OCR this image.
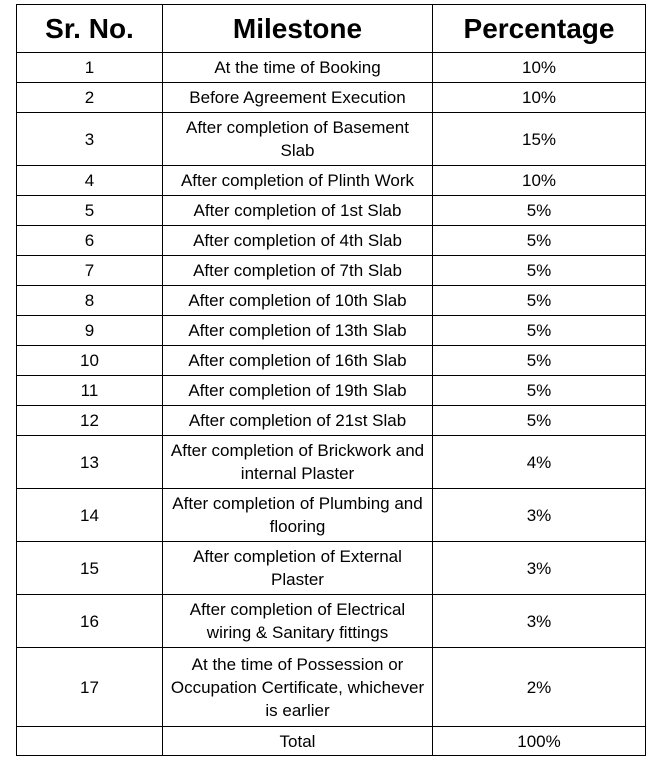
Sr. No.	Milestone	Percentage
1	At the time of Booking	10%
2	Before Agreement Execution	10%
3	After completion of Basement Slab	15%
4	After completion of Plinth Work	10%
5	After completion of 1st Slab	5%
6	After completion of 4th Slab	5%
7	After completion of 7th Slab	5%
8	After completion of 10th Slab	5%
9	After completion of 13th Slab	5%
10	After completion of 16th Slab	5%
11	After completion of 19th Slab	5%
12	After completion of 21st Slab	5%
13	After completion of Brickwork and internal Plaster	4%
14	After completion of Plumbing and flooring	3%
15	After completion of External Plaster	3%
16	After completion of Electrical wiring & Sanitary fittings	3%
17	At the time of Possession or Occupation Certificate, whichever is earlier	2%
	Total	100%
